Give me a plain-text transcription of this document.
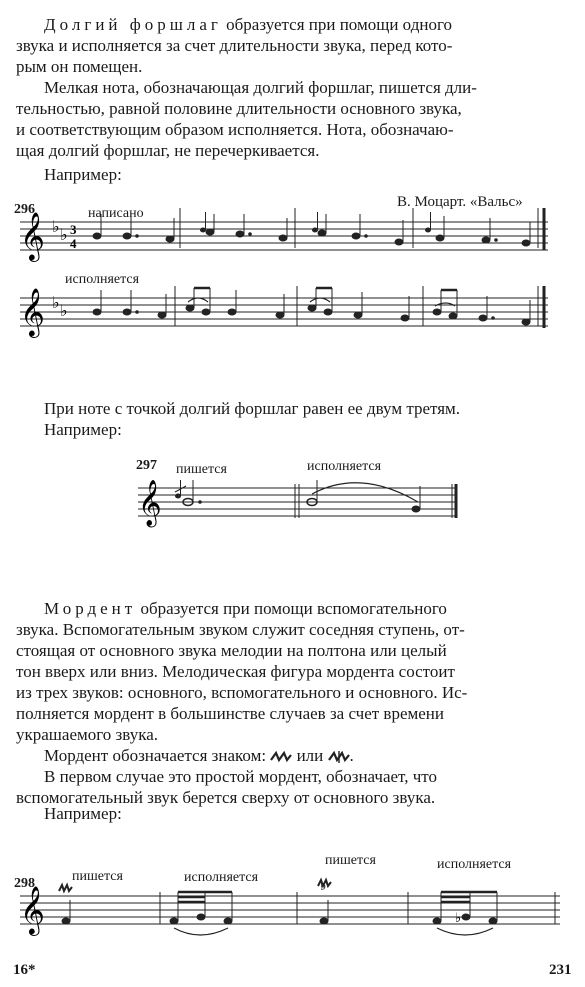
Долгий форшлаг образуется при помощи одного
звука и исполняется за счет длительности звука, перед кото-
рым он помещен.
Мелкая нота, обозначающая долгий форшлаг, пишется дли-
тельностью, равной половине длительности основного звука,
и соответствующим образом исполняется. Нота, обозначаю-
щая долгий форшлаг, не перечеркивается.
Например:
296	написано
В. Моцарт. «Вальс»
исполняется
𝄞 ♭ ♭ 3
4
𝄞 ♭ ♭
При ноте с точкой долгий форшлаг равен ее двум третям.
Например:
297 пишется	исполняется
𝄞
Мордент образуется при помощи вспомогательного
звука. Вспомогательным звуком служит соседняя ступень, от-
стоящая от основного звука мелодии на полтона или целый
тон вверх или вниз. Мелодическая фигура мордента состоит
из трех звуков: основного, вспомогательного и основного. Ис-
полняется мордент в большинстве случаев за счет времени
украшаемого звука.
Мордент обозначается знаком: или .
В первом случае это простой мордент, обозначает, что
вспомогательный звук берется сверху от основного звука.
Например:
пишется	исполняется
пишется	исполняется
298
𝄞	♭
♭
16*	231
